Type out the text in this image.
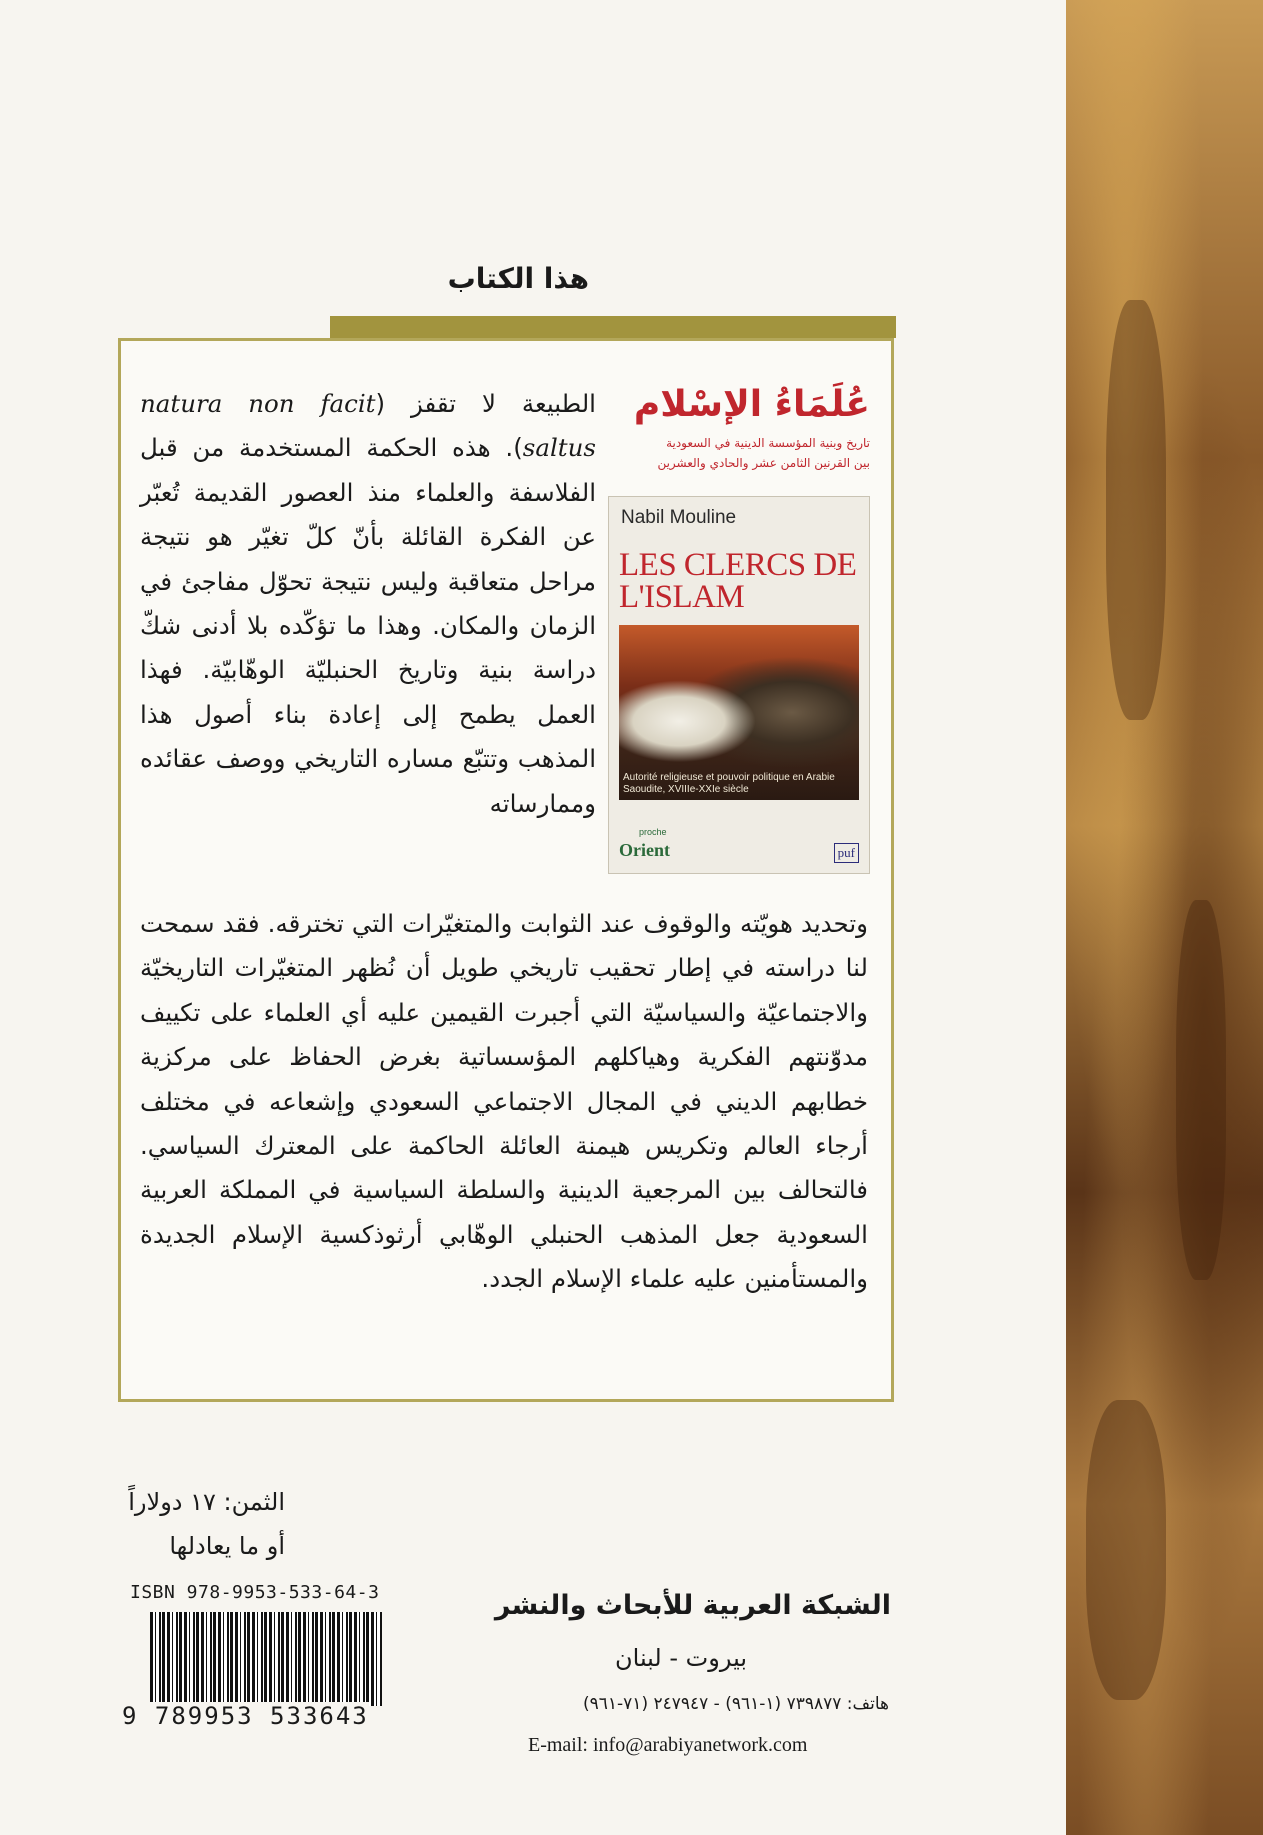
هذا الكتاب
عُلَمَاءُ الإسْلام
تاريخ وبنية المؤسسة الدينية في السعودية
بين القرنين الثامن عشر والحادي والعشرين
Nabil Mouline
LES CLERCS DE L'ISLAM
Autorité religieuse et pouvoir politique en Arabie Saoudite, XVIIIe-XXIe siècle
proche
Orient	puf
الطبيعة لا تقفز (natura non facit saltus). هذه الحكمة المستخدمة من قبل الفلاسفة والعلماء منذ العصور القديمة تُعبّر عن الفكرة القائلة بأنّ كلّ تغيّر هو نتيجة مراحل متعاقبة وليس نتيجة تحوّل مفاجئ في الزمان والمكان. وهذا ما تؤكّده بلا أدنى شكّ دراسة بنية وتاريخ الحنبليّة الوهّابيّة. فهذا العمل يطمح إلى إعادة بناء أصول هذا المذهب وتتبّع مساره التاريخي ووصف عقائده وممارساته
وتحديد هويّته والوقوف عند الثوابت والمتغيّرات التي تخترقه. فقد سمحت لنا دراسته في إطار تحقيب تاريخي طويل أن نُظهر المتغيّرات التاريخيّة والاجتماعيّة والسياسيّة التي أجبرت القيمين عليه أي العلماء على تكييف مدوّنتهم الفكرية وهياكلهم المؤسساتية بغرض الحفاظ على مركزية خطابهم الديني في المجال الاجتماعي السعودي وإشعاعه في مختلف أرجاء العالم وتكريس هيمنة العائلة الحاكمة على المعترك السياسي. فالتحالف بين المرجعية الدينية والسلطة السياسية في المملكة العربية السعودية جعل المذهب الحنبلي الوهّابي أرثوذكسية الإسلام الجديدة والمستأمنين عليه علماء الإسلام الجدد.
الثمن: ١٧ دولاراً
أو ما يعادلها
ISBN 978-9953-533-64-3
9 789953 533643
الشبكة العربية للأبحاث والنشر
بيروت - لبنان
هاتف: ٧٣٩٨٧٧ (١-٩٦١) - ٢٤٧٩٤٧ (٧١-٩٦١)
E-mail: info@arabiyanetwork.com
